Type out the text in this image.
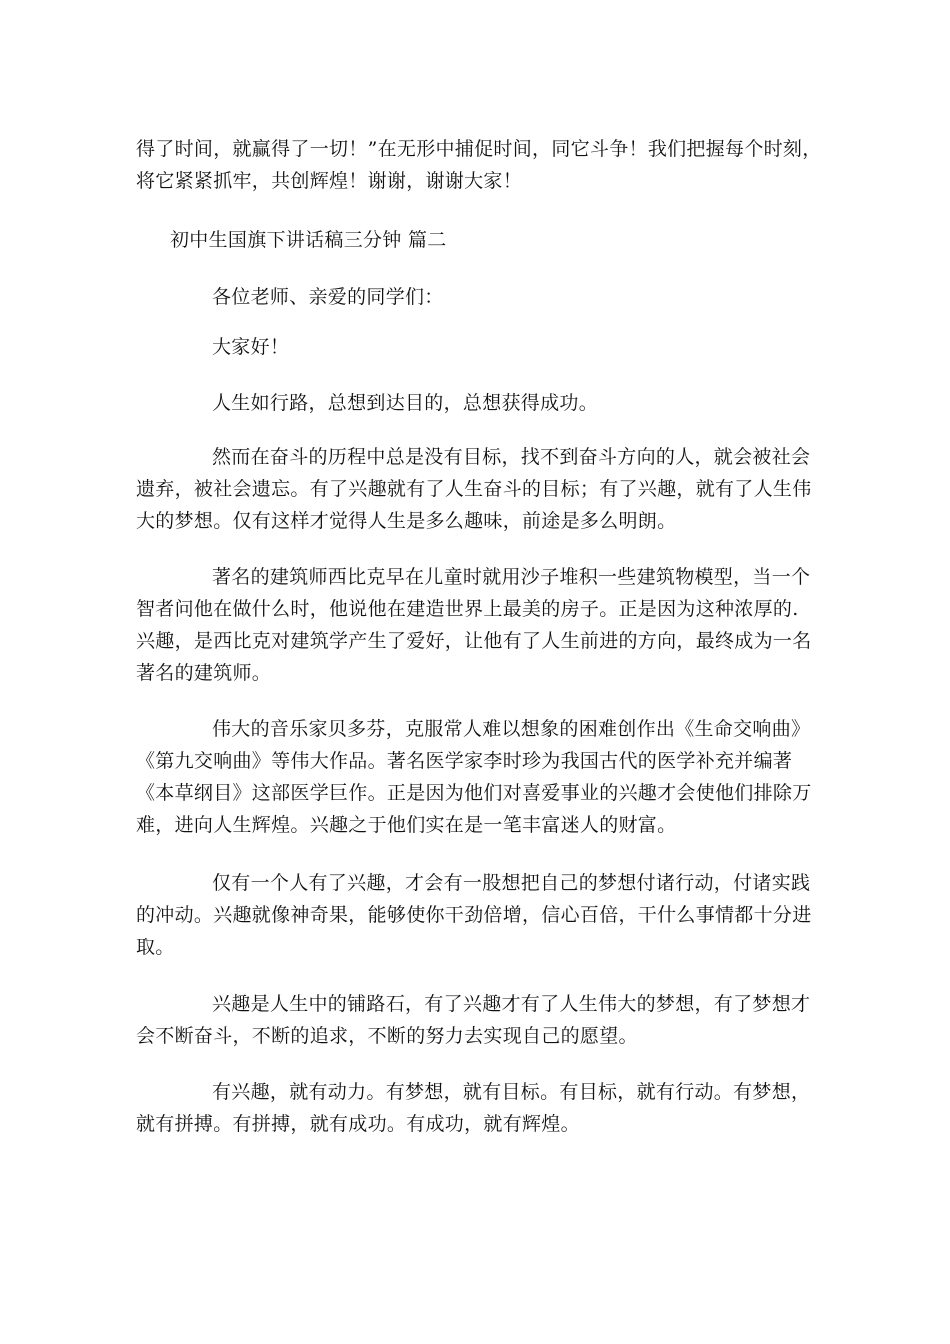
得了时间，就赢得了一切！”在无形中捕促时间，同它斗争！我们把握每个时刻，
将它紧紧抓牢，共创辉煌！谢谢，谢谢大家！
初中生国旗下讲话稿三分钟 篇二
各位老师、亲爱的同学们：
大家好！
人生如行路，总想到达目的，总想获得成功。
然而在奋斗的历程中总是没有目标，找不到奋斗方向的人，就会被社会
遗弃，被社会遗忘。有了兴趣就有了人生奋斗的目标；有了兴趣，就有了人生伟
大的梦想。仅有这样才觉得人生是多么趣味，前途是多么明朗。
著名的建筑师西比克早在儿童时就用沙子堆积一些建筑物模型，当一个
智者问他在做什么时，他说他在建造世界上最美的房子。正是因为这种浓厚的.
兴趣，是西比克对建筑学产生了爱好，让他有了人生前进的方向，最终成为一名
著名的建筑师。
伟大的音乐家贝多芬，克服常人难以想象的困难创作出《生命交响曲》
《第九交响曲》等伟大作品。著名医学家李时珍为我国古代的医学补充并编著
《本草纲目》这部医学巨作。正是因为他们对喜爱事业的兴趣才会使他们排除万
难，进向人生辉煌。兴趣之于他们实在是一笔丰富迷人的财富。
仅有一个人有了兴趣，才会有一股想把自己的梦想付诸行动，付诸实践
的冲动。兴趣就像神奇果，能够使你干劲倍增，信心百倍，干什么事情都十分进
取。
兴趣是人生中的铺路石，有了兴趣才有了人生伟大的梦想，有了梦想才
会不断奋斗，不断的追求，不断的努力去实现自己的愿望。
有兴趣，就有动力。有梦想，就有目标。有目标，就有行动。有梦想，
就有拼搏。有拼搏，就有成功。有成功，就有辉煌。
